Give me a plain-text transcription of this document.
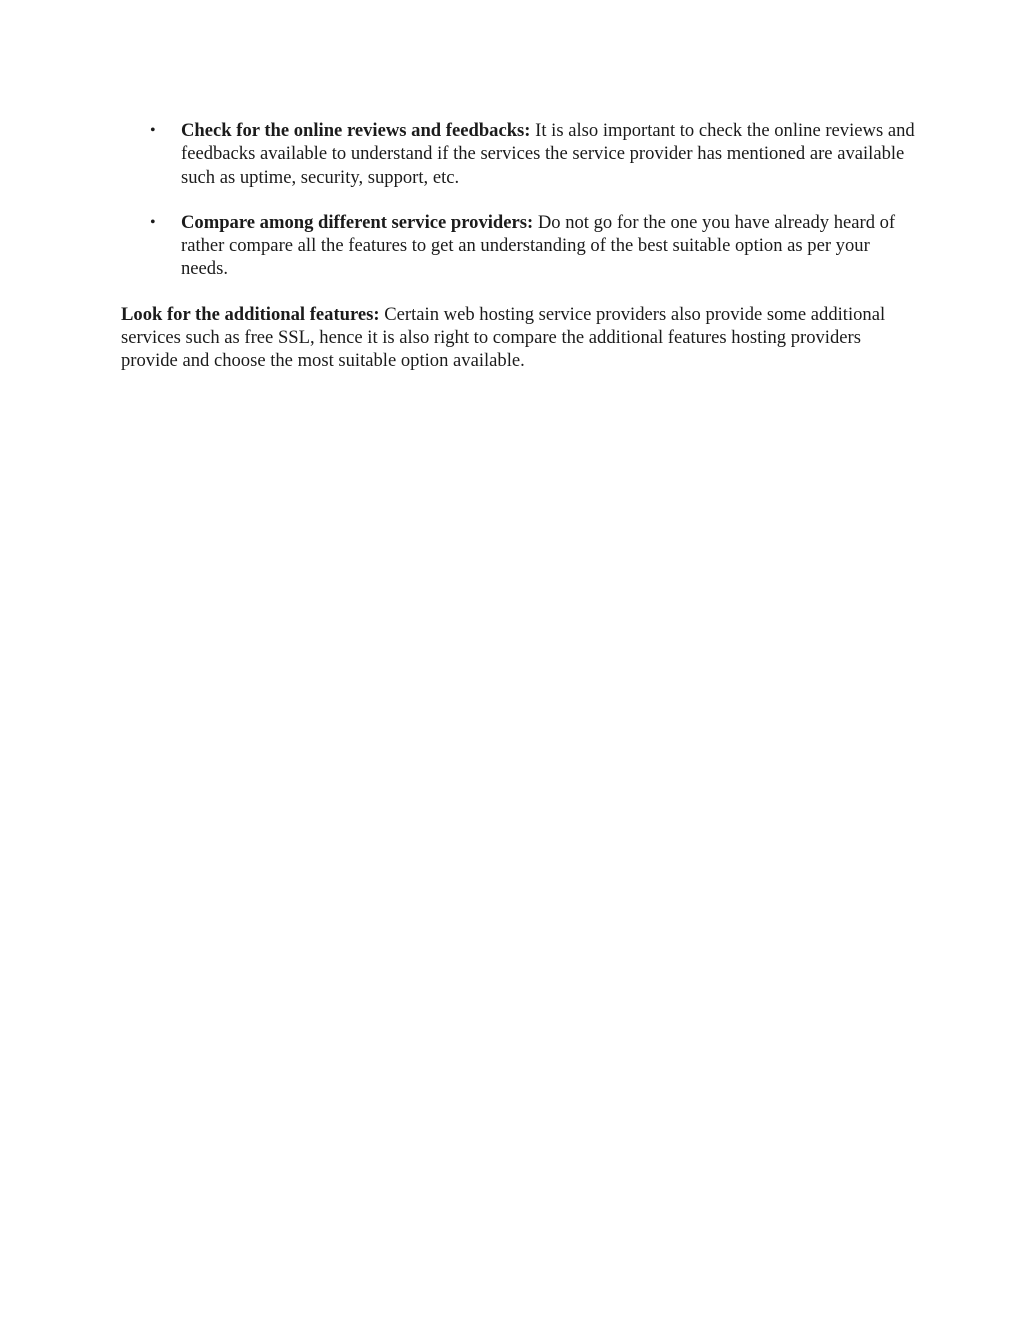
• Check for the online reviews and feedbacks: It is also important to check the online reviews and feedbacks available to understand if the services the service provider has mentioned are available such as uptime, security, support, etc.
• Compare among different service providers: Do not go for the one you have already heard of rather compare all the features to get an understanding of the best suitable option as per your needs.

Look for the additional features: Certain web hosting service providers also provide some additional services such as free SSL, hence it is also right to compare the additional features hosting providers provide and choose the most suitable option available.
